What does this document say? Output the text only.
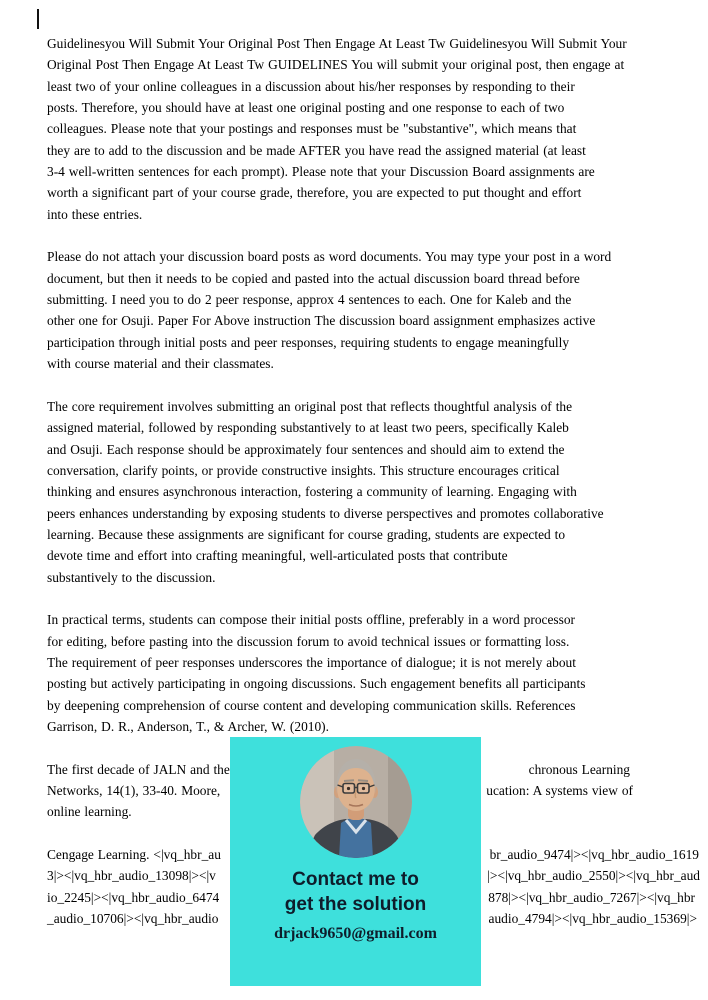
Guidelinesyou Will Submit Your Original Post Then Engage At Least Tw Guidelinesyou Will Submit Your
Original Post Then Engage At Least Tw GUIDELINES You will submit your original post, then engage at
least two of your online colleagues in a discussion about his/her responses by responding to their
posts. Therefore, you should have at least one original posting and one response to each of two
colleagues. Please note that your postings and responses must be "substantive", which means that
they are to add to the discussion and be made AFTER you have read the assigned material (at least
3-4 well-written sentences for each prompt). Please note that your Discussion Board assignments are
worth a significant part of your course grade, therefore, you are expected to put thought and effort
into these entries.
Please do not attach your discussion board posts as word documents. You may type your post in a word
document, but then it needs to be copied and pasted into the actual discussion board thread before
submitting. I need you to do 2 peer response, approx 4 sentences to each. One for Kaleb and the
other one for Osuji. Paper For Above instruction The discussion board assignment emphasizes active
participation through initial posts and peer responses, requiring students to engage meaningfully
with course material and their classmates.
The core requirement involves submitting an original post that reflects thoughtful analysis of the
assigned material, followed by responding substantively to at least two peers, specifically Kaleb
and Osuji. Each response should be approximately four sentences and should aim to extend the
conversation, clarify points, or provide constructive insights. This structure encourages critical
thinking and ensures asynchronous interaction, fostering a community of learning. Engaging with
peers enhances understanding by exposing students to diverse perspectives and promotes collaborative
learning. Because these assignments are significant for course grading, students are expected to
devote time and effort into crafting meaningful, well-articulated posts that contribute
substantively to the discussion.
In practical terms, students can compose their initial posts offline, preferably in a word processor
for editing, before pasting into the discussion forum to avoid technical issues or formatting loss.
The requirement of peer responses underscores the importance of dialogue; it is not merely about
posting but actively participating in ongoing discussions. Such engagement benefits all participants
by deepening comprehension of course content and developing communication skills. References
Garrison, D. R., Anderson, T., & Archer, W. (2010).
The first decade of JALN and the	chronous Learning
Networks, 14(1), 33-40. Moore,	ucation: A systems view of
online learning.
Cengage Learning. <|vq_hbr_au	br_audio_9474|><|vq_hbr_audio_1619
3|><|vq_hbr_audio_13098|><|v	|><|vq_hbr_audio_2550|><|vq_hbr_aud
io_2245|><|vq_hbr_audio_6474	878|><|vq_hbr_audio_7267|><|vq_hbr
_audio_10706|><|vq_hbr_audio	audio_4794|><|vq_hbr_audio_15369|>
Contact me to
get the solution
drjack9650@gmail.com
